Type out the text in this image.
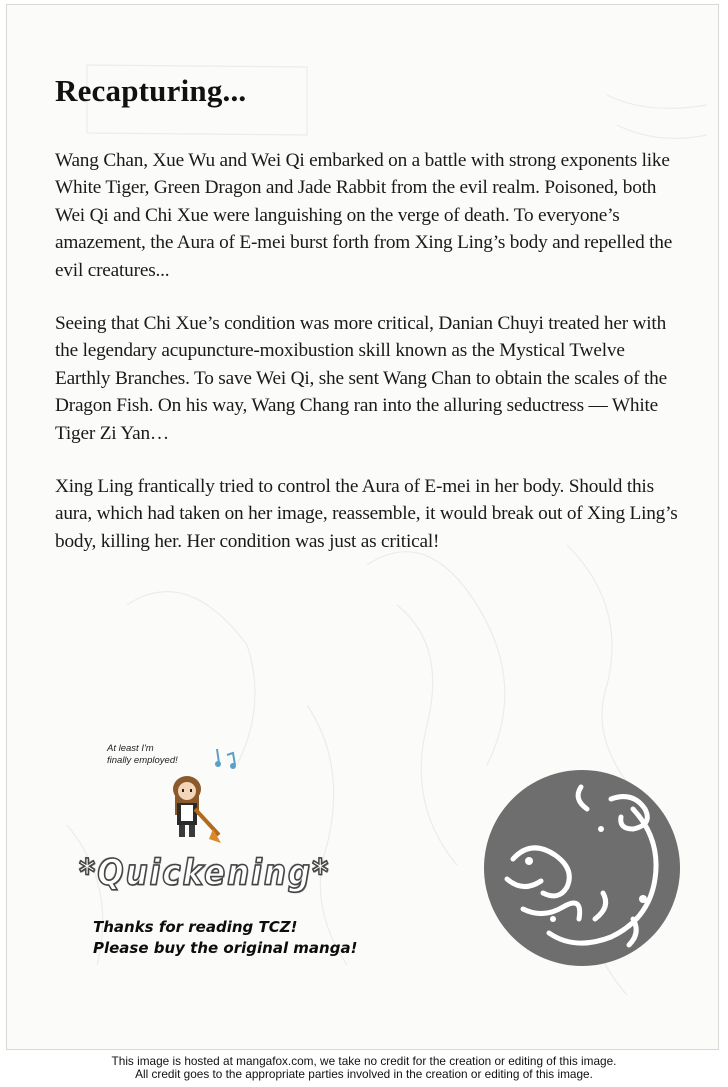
Recapturing...

Wang Chan, Xue Wu and Wei Qi embarked on a battle with strong exponents like White Tiger, Green Dragon and Jade Rabbit from the evil realm. Poisoned, both Wei Qi and Chi Xue were languishing on the verge of death. To everyone’s amazement, the Aura of E-mei burst forth from Xing Ling’s body and repelled the evil creatures...

Seeing that Chi Xue’s condition was more critical, Danian Chuyi treated her with the legendary acupuncture-moxibustion skill known as the Mystical Twelve Earthly Branches. To save Wei Qi, she sent Wang Chan to obtain the scales of the Dragon Fish. On his way, Wang Chang ran into the alluring seductress — White Tiger Zi Yan…

Xing Ling frantically tried to control the Aura of E-mei in her body. Should this aura, which had taken on her image, reassemble, it would break out of Xing Ling’s body, killing her. Her condition was just as critical!

At least I'm
finally employed!
*Quickening*
Thanks for reading TCZ!
Please buy the original manga!
This image is hosted at mangafox.com, we take no credit for the creation or editing of this image.
All credit goes to the appropriate parties involved in the creation or editing of this image.
